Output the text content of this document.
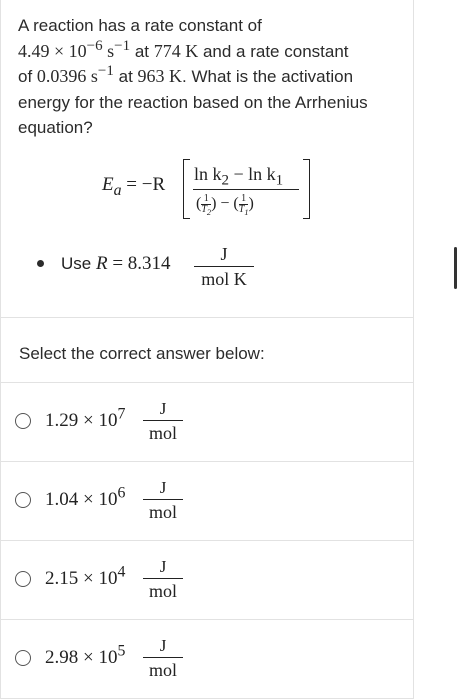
A reaction has a rate constant of
$4.49 \times 10^{-6}$ $s^{-1}$ at 774 K and a rate constant
of 0.0396 $s^{-1}$ at 963 K. What is the activation energy for the reaction based on the Arrhenius equation?
$E_a = -R$ $\ln k_2 - \ln k_1$
( $\frac{1}{T_2}$ ) − ( $\frac{1}{T_1}$ )
Use R = 8.314	J
mol K
Select the correct answer below:
$1.29 \times 10^7$	J
mol
$1.04 \times 10^6$	J
mol
$2.15 \times 10^4$	J
mol
$2.98 \times 10^5$	J
mol
